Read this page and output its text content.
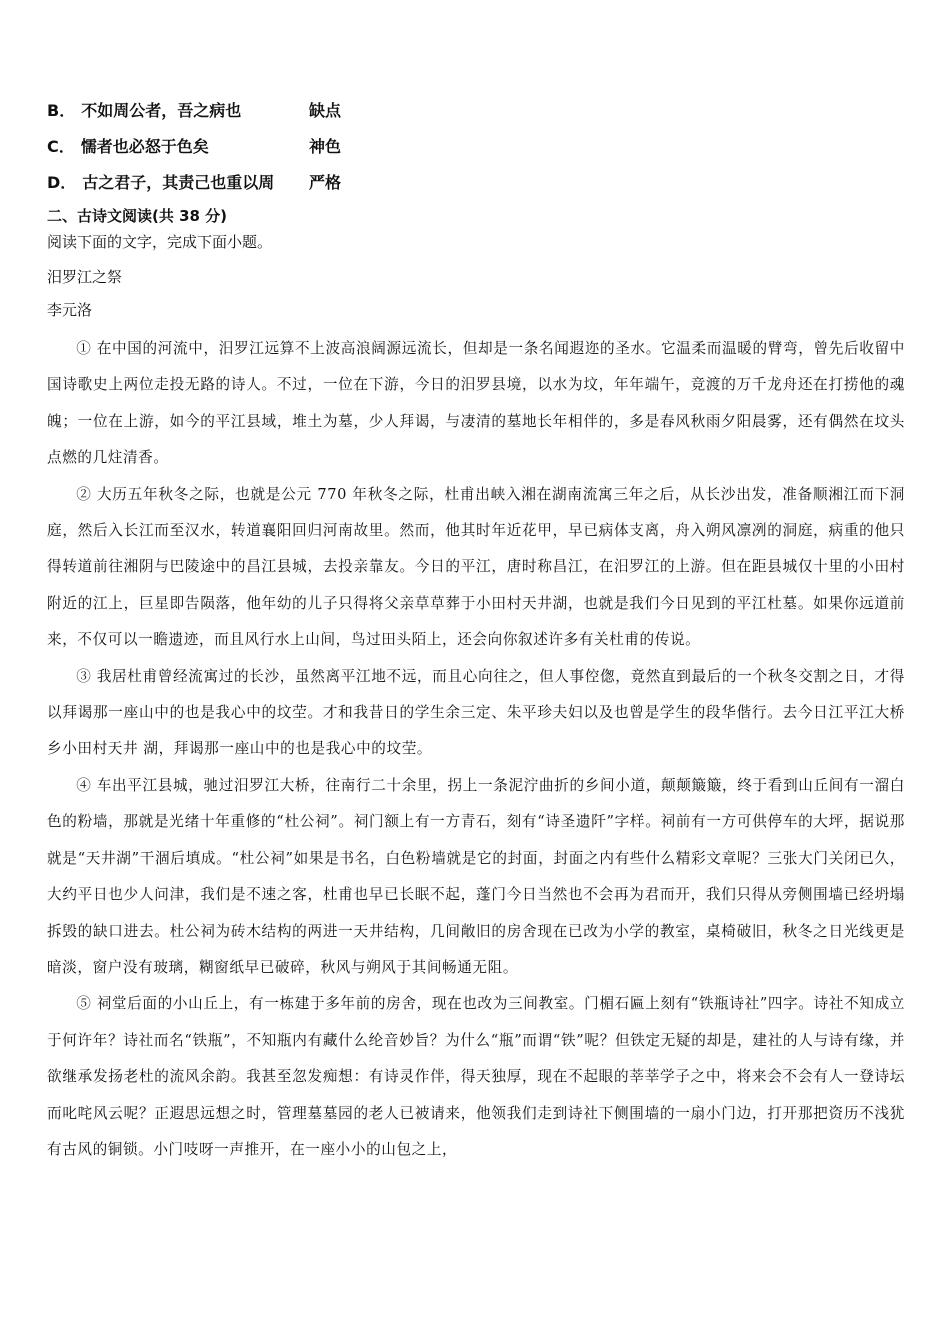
B． 不如周公者，吾之病也	缺点
C． 懦者也必怒于色矣	神色
D． 古之君子，其责己也重以周 严格
二、古诗文阅读(共 38 分)
阅读下面的文字，完成下面小题。
汨罗江之祭
李元洛

① 在中国的河流中，汨罗江远算不上波高浪阔源远流长，但却是一条名闻遐迩的圣水。它温柔而温暖的臂弯，曾先后收留中国诗歌史上两位走投无路的诗人。不过，一位在下游，今日的汨罗县境，以水为坟，年年端午，竞渡的万千龙舟还在打捞他的魂魄；一位在上游，如今的平江县域，堆土为墓，少人拜谒，与凄清的墓地长年相伴的，多是春风秋雨夕阳晨雾，还有偶然在坟头点燃的几炷清香。

② 大历五年秋冬之际，也就是公元 770 年秋冬之际，杜甫出峡入湘在湖南流寓三年之后，从长沙出发，准备顺湘江而下洞庭，然后入长江而至汉水，转道襄阳回归河南故里。然而，他其时年近花甲，早已病体支离，舟入朔风凛冽的洞庭，病重的他只得转道前往湘阴与巴陵途中的昌江县城，去投亲靠友。今日的平江，唐时称昌江，在汨罗江的上游。但在距县城仅十里的小田村附近的江上，巨星即告陨落，他年幼的儿子只得将父亲草草葬于小田村天井湖，也就是我们今日见到的平江杜墓。如果你远道前来，不仅可以一瞻遗迹，而且风行水上山间，鸟过田头陌上，还会向你叙述许多有关杜甫的传说。

③ 我居杜甫曾经流寓过的长沙，虽然离平江地不远，而且心向往之，但人事倥偬，竟然直到最后的一个秋冬交割之日，才得以拜谒那一座山中的也是我心中的坟茔。才和我昔日的学生余三定、朱平珍夫妇以及也曾是学生的段华偕行。去今日江平江大桥乡小田村天井 湖，拜谒那一座山中的也是我心中的坟茔。

④ 车出平江县城，驰过汨罗江大桥，往南行二十余里，拐上一条泥泞曲折的乡间小道，颠颠簸簸，终于看到山丘间有一溜白色的粉墙，那就是光绪十年重修的“杜公祠”。祠门额上有一方青石，刻有“诗圣遗阡”字样。祠前有一方可供停车的大坪，据说那就是“天井湖”干涸后填成。“杜公祠”如果是书名，白色粉墙就是它的封面，封面之内有些什么精彩文章呢？三张大门关闭已久，大约平日也少人问津，我们是不速之客，杜甫也早已长眠不起，蓬门今日当然也不会再为君而开，我们只得从旁侧围墙已经坍塌拆毁的缺口进去。杜公祠为砖木结构的两进一天井结构，几间敞旧的房舍现在已改为小学的教室，桌椅破旧，秋冬之日光线更是暗淡，窗户没有玻璃，糊窗纸早已破碎，秋风与朔风于其间畅通无阻。

⑤ 祠堂后面的小山丘上，有一栋建于多年前的房舍，现在也改为三间教室。门楣石匾上刻有“铁瓶诗社”四字。诗社不知成立于何许年？诗社而名“铁瓶”，不知瓶内有藏什么纶音妙旨？为什么“瓶”而谓“铁”呢？但铁定无疑的却是，建社的人与诗有缘，并欲继承发扬老杜的流风余韵。我甚至忽发痴想：有诗灵作伴，得天独厚，现在不起眼的莘莘学子之中，将来会不会有人一登诗坛而叱咤风云呢？正遐思远想之时，管理墓墓园的老人已被请来，他领我们走到诗社下侧围墙的一扇小门边，打开那把资历不浅犹有古风的铜锁。小门吱呀一声推开，在一座小小的山包之上，
